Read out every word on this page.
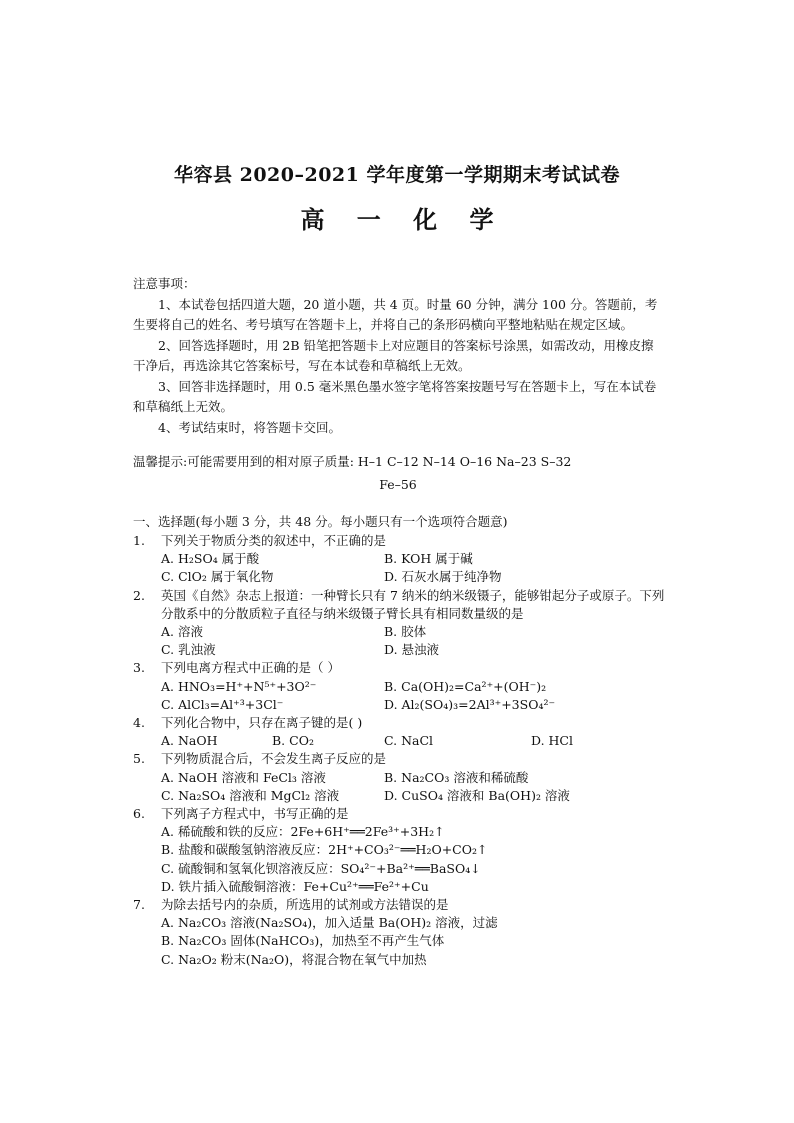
华容县 2020–2021 学年度第一学期期末考试试卷
高 一 化 学

注意事项：

1、本试卷包括四道大题，20 道小题，共 4 页。时量 60 分钟，满分 100 分。答题前，考生要将自己的姓名、考号填写在答题卡上，并将自己的条形码横向平整地粘贴在规定区域。

2、回答选择题时，用 2B 铅笔把答题卡上对应题目的答案标号涂黑，如需改动，用橡皮擦干净后，再选涂其它答案标号，写在本试卷和草稿纸上无效。

3、回答非选择题时，用 0.5 毫米黑色墨水签字笔将答案按题号写在答题卡上，写在本试卷和草稿纸上无效。

4、考试结束时，将答题卡交回。

温馨提示:可能需要用到的相对原子质量: H–1 C–12 N–14 O–16 Na–23 S–32
Fe–56
一、选择题(每小题 3 分，共 48 分。每小题只有一个选项符合题意)
1.	下列关于物质分类的叙述中，不正确的是
A. H₂SO₄ 属于酸	B. KOH 属于碱
C. ClO₂ 属于氧化物	D. 石灰水属于纯净物
2.	英国《自然》杂志上报道：一种臂长只有 7 纳米的纳米级镊子，能够钳起分子或原子。下列分散系中的分散质粒子直径与纳米级镊子臂长具有相同数量级的是
A. 溶液	B. 胶体
C. 乳浊液	D. 悬浊液
3.	下列电离方程式中正确的是（ ）
A. HNO₃=H⁺+N⁵⁺+3O²⁻	B. Ca(OH)₂=Ca²⁺+(OH⁻)₂
C. AlCl₃=Al⁺³+3Cl⁻	D. Al₂(SO₄)₃=2Al³⁺+3SO₄²⁻
4.	下列化合物中，只存在离子键的是( )
A. NaOH	B. CO₂	C. NaCl	D. HCl
5.	下列物质混合后，不会发生离子反应的是
A. NaOH 溶液和 FeCl₃ 溶液	B. Na₂CO₃ 溶液和稀硫酸
C. Na₂SO₄ 溶液和 MgCl₂ 溶液	D. CuSO₄ 溶液和 Ba(OH)₂ 溶液
6.	下列离子方程式中，书写正确的是
A. 稀硫酸和铁的反应：2Fe+6H⁺══2Fe³⁺+3H₂↑
B. 盐酸和碳酸氢钠溶液反应：2H⁺+CO₃²⁻══H₂O+CO₂↑
C. 硫酸铜和氢氧化钡溶液反应：SO₄²⁻+Ba²⁺══BaSO₄↓
D. 铁片插入硫酸铜溶液：Fe+Cu²⁺══Fe²⁺+Cu
7.	为除去括号内的杂质，所选用的试剂或方法错误的是
A. Na₂CO₃ 溶液(Na₂SO₄)，加入适量 Ba(OH)₂ 溶液，过滤
B. Na₂CO₃ 固体(NaHCO₃)，加热至不再产生气体
C. Na₂O₂ 粉末(Na₂O)，将混合物在氧气中加热
